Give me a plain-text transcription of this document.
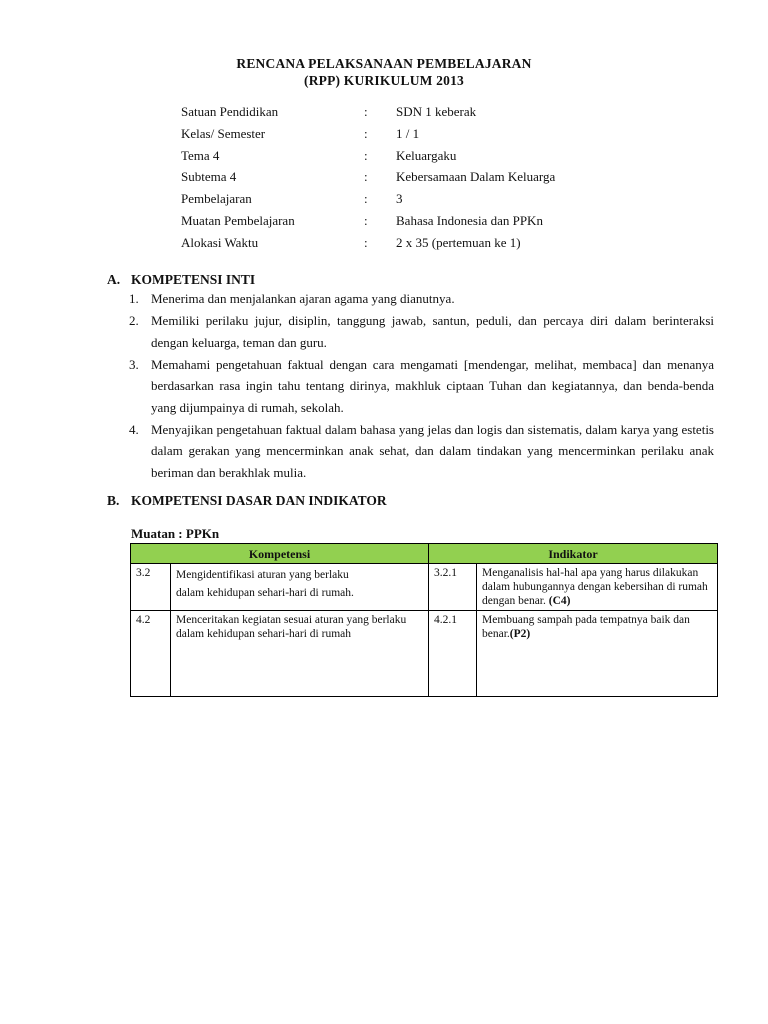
RENCANA PELAKSANAAN PEMBELAJARAN
(RPP) KURIKULUM 2013
Satuan Pendidikan	: SDN 1 keberak
Kelas/ Semester	: 1 / 1
Tema 4	: Keluargaku
Subtema 4	: Kebersamaan Dalam Keluarga
Pembelajaran	: 3
Muatan Pembelajaran	: Bahasa Indonesia dan PPKn
Alokasi Waktu	: 2 x 35 (pertemuan ke 1)
A. KOMPETENSI INTI
1. Menerima dan menjalankan ajaran agama yang dianutnya.
2. Memiliki perilaku jujur, disiplin, tanggung jawab, santun, peduli, dan percaya diri dalam berinteraksi dengan keluarga, teman dan guru.
3. Memahami pengetahuan faktual dengan cara mengamati [mendengar, melihat, membaca] dan menanya berdasarkan rasa ingin tahu tentang dirinya, makhluk ciptaan Tuhan dan kegiatannya, dan benda-benda yang dijumpainya di rumah, sekolah.
4. Menyajikan pengetahuan faktual dalam bahasa yang jelas dan logis dan sistematis, dalam karya yang estetis dalam gerakan yang mencerminkan anak sehat, dan dalam tindakan yang mencerminkan perilaku anak beriman dan berakhlak mulia.
B. KOMPETENSI DASAR DAN INDIKATOR
Muatan : PPKn
Kompetensi		Indikator	
3.2	Mengidentifikasi aturan yang berlaku
dalam kehidupan sehari-hari di rumah.	3.2.1	Menganalisis hal-hal apa yang harus dilakukan dalam hubungannya dengan kebersihan di rumah dengan benar. (C4)
4.2	Menceritakan kegiatan sesuai aturan yang berlaku dalam kehidupan sehari-hari di rumah	4.2.1	Membuang sampah pada tempatnya baik dan benar.(P2)
